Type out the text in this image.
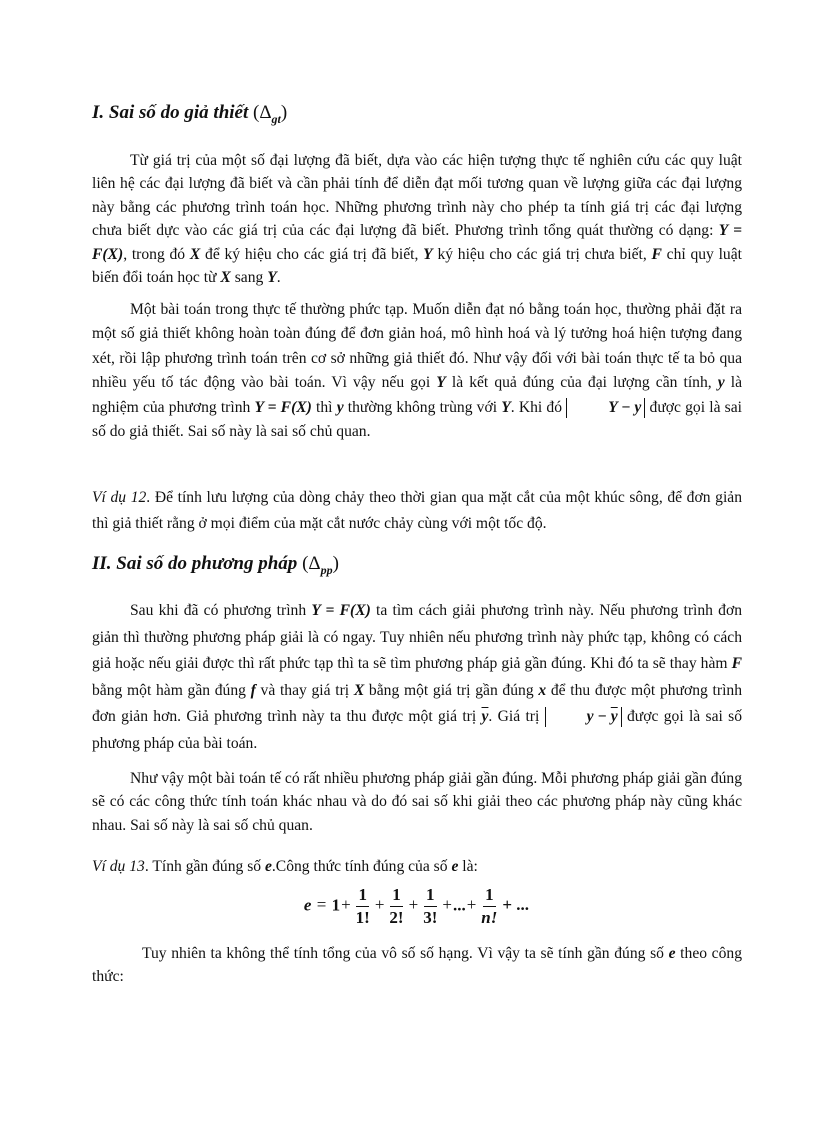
I. Sai số do giả thiết $(\Delta_{gt})$
Từ giá trị của một số đại lượng đã biết, dựa vào các hiện tượng thực tế nghiên cứu các quy luật liên hệ các đại lượng đã biết và cần phải tính để diễn đạt mối tương quan về lượng giữa các đại lượng này bằng các phương trình toán học. Những phương trình này cho phép ta tính giá trị các đại lượng chưa biết dực vào các giá trị của các đại lượng đã biết. Phương trình tổng quát thường có dạng: Y = F(X), trong đó X để ký hiệu cho các giá trị đã biết, Y ký hiệu cho các giá trị chưa biết, F chỉ quy luật biến đổi toán học từ X sang Y.
Một bài toán trong thực tế thường phức tạp. Muốn diễn đạt nó bằng toán học, thường phải đặt ra một số giả thiết không hoàn toàn đúng để đơn giản hoá, mô hình hoá và lý tưởng hoá hiện tượng đang xét, rồi lập phương trình toán trên cơ sở những giả thiết đó. Như vậy đối với bài toán thực tế ta bỏ qua nhiều yếu tố tác động vào bài toán. Vì vậy nếu gọi Y là kết quả đúng của đại lượng cần tính, y là nghiệm của phương trình Y = F(X) thì y thường không trùng với Y. Khi đó	Y − y được gọi là sai số do giả thiết. Sai số này là sai số chủ quan.
Ví dụ 12. Để tính lưu lượng của dòng chảy theo thời gian qua mặt cắt của một khúc sông, để đơn giản thì giả thiết rằng ở mọi điểm của mặt cắt nước chảy cùng với một tốc độ.
II. Sai số do phương pháp $(\Delta_{pp})$
Sau khi đã có phương trình Y = F(X) ta tìm cách giải phương trình này. Nếu phương trình đơn giản thì thường phương pháp giải là có ngay. Tuy nhiên nếu phương trình này phức tạp, không có cách giả hoặc nếu giải được thì rất phức tạp thì ta sẽ tìm phương pháp giả gần đúng. Khi đó ta sẽ thay hàm F bằng một hàm gần đúng f và thay giá trị X bằng một giá trị gần đúng x để thu được một phương trình đơn giản hơn. Giả phương trình này ta thu được một giá trị $\overline{y}$. Giá trị	$y - \overline{y}$ được gọi là sai số phương pháp của bài toán.
Như vậy một bài toán tế có rất nhiều phương pháp giải gần đúng. Mỗi phương pháp giải gần đúng sẽ có các công thức tính toán khác nhau và do đó sai số khi giải theo các phương pháp này cũng khác nhau. Sai số này là sai số chủ quan.
Ví dụ 13. Tính gần đúng số e.Công thức tính đúng của số e là:
$e = 1+ \frac{1}{1!} + \frac{1}{2!} + \frac{1}{3!}$ +...+ $\frac{1}{n!}$ + ...
Tuy nhiên ta không thể tính tổng của vô số số hạng. Vì vậy ta sẽ tính gần đúng số e theo công thức:
